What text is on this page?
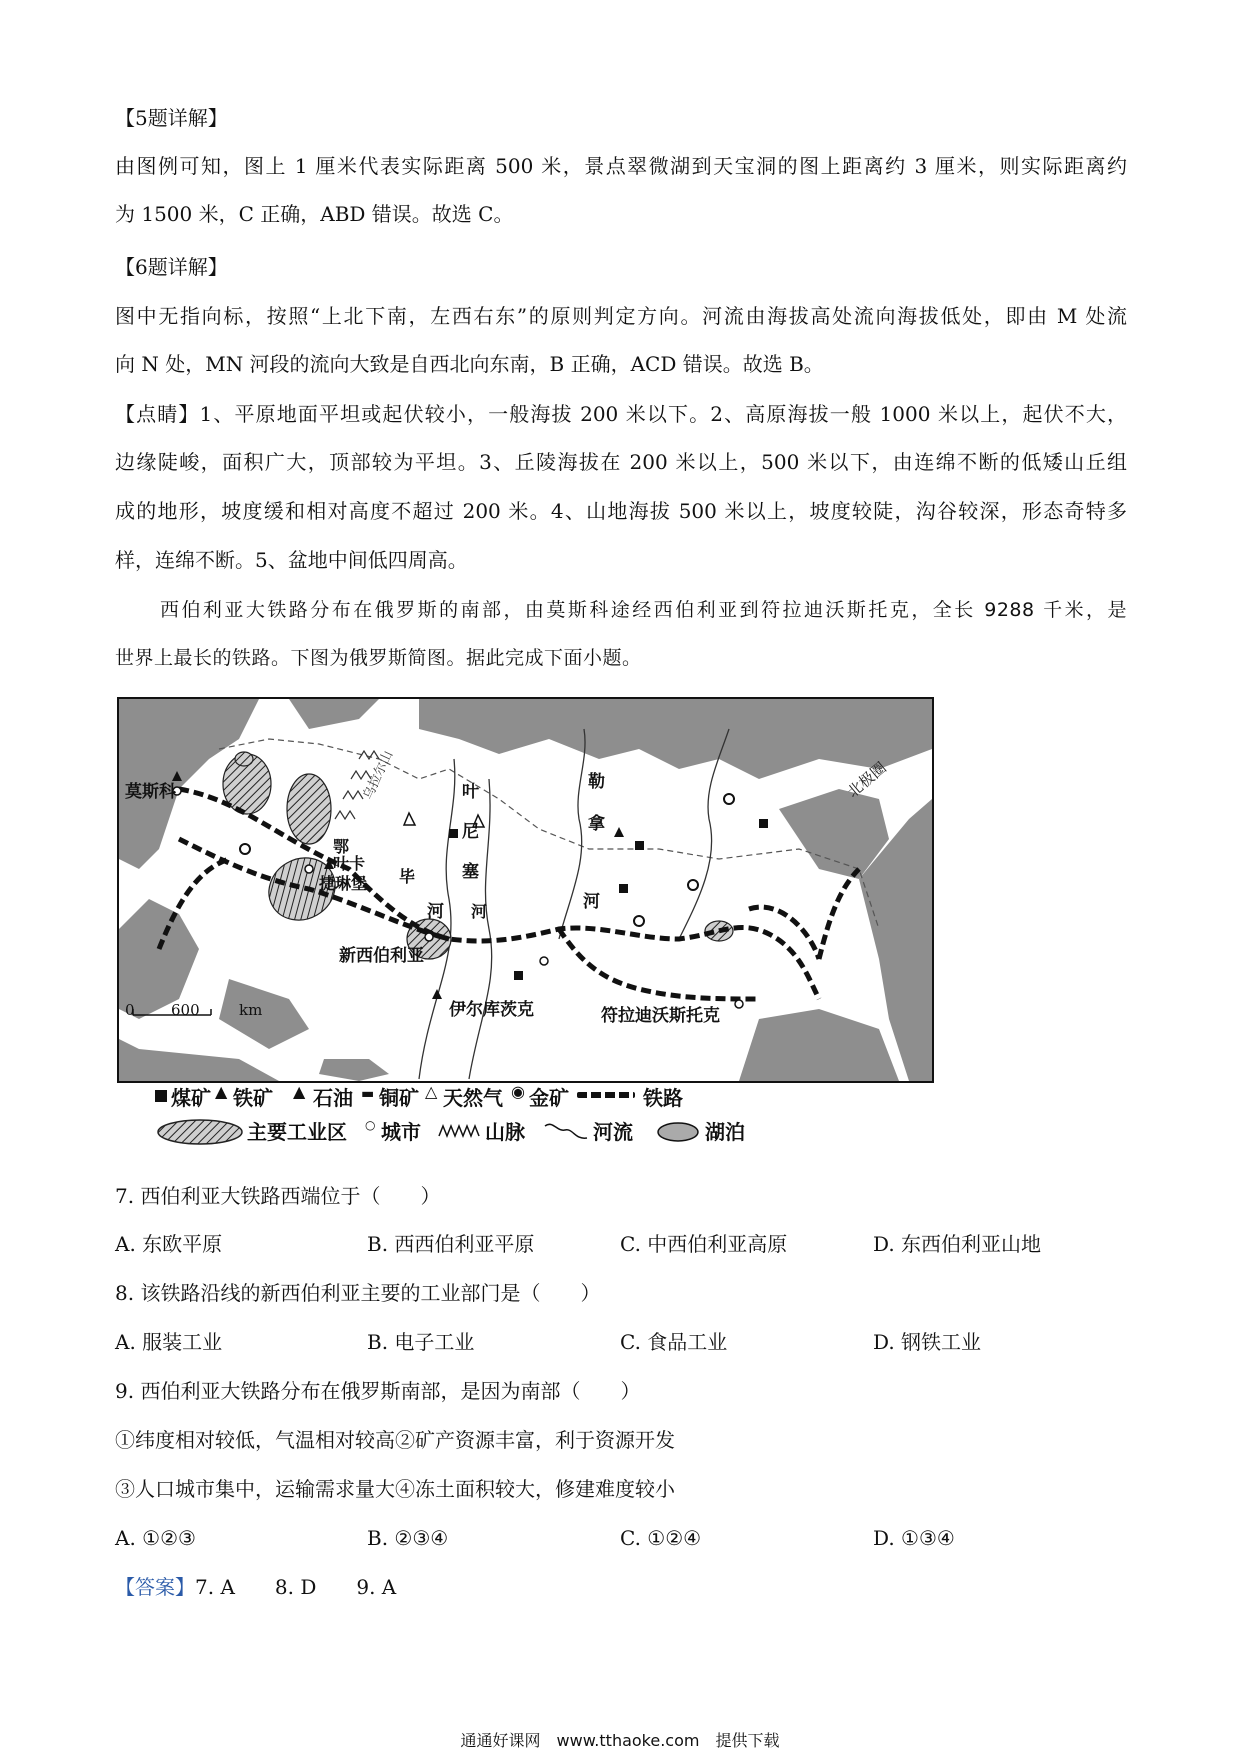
【5题详解】
由图例可知，图上 1 厘米代表实际距离 500 米，景点翠微湖到天宝洞的图上距离约 3 厘米，则实际距离约
为 1500 米，C 正确，ABD 错误。故选 C。
【6题详解】
图中无指向标，按照“上北下南，左西右东”的原则判定方向。河流由海拔高处流向海拔低处，即由 M 处流
向 N 处，MN 河段的流向大致是自西北向东南，B 正确，ACD 错误。故选 B。
【点睛】1、平原地面平坦或起伏较小，一般海拔 200 米以下。2、高原海拔一般 1000 米以上，起伏不大，
边缘陡峻，面积广大，顶部较为平坦。3、丘陵海拔在 200 米以上，500 米以下，由连绵不断的低矮山丘组
成的地形，坡度缓和相对高度不超过 200 米。4、山地海拔 500 米以上，坡度较陡，沟谷较深，形态奇特多
样，连绵不断。5、盆地中间低四周高。
西伯利亚大铁路分布在俄罗斯的南部，由莫斯科途经西伯利亚到符拉迪沃斯托克，全长 9288 千米，是
世界上最长的铁路。下图为俄罗斯简图。据此完成下面小题。
莫斯科	乌拉尔山	北极圈
叶
尼
塞
河
勒
拿
河
鄂
毕
河
叶卡
捷琳堡
新西伯利亚
伊尔库茨克	符拉迪沃斯托克
0 600	km
煤矿 ▲ 铁矿 ▲ 石油 ▬ 铜矿 △ 天然气 ◉ 金矿	铁路
主要工业区 ○ 城市	山脉	河流	湖泊
7. 西伯利亚大铁路西端位于（　　）
A. 东欧平原	B. 西西伯利亚平原	C. 中西伯利亚高原	D. 东西伯利亚山地
8. 该铁路沿线的新西伯利亚主要的工业部门是（　　）
A. 服装工业	B. 电子工业	C. 食品工业	D. 钢铁工业
9. 西伯利亚大铁路分布在俄罗斯南部，是因为南部（　　）
①纬度相对较低，气温相对较高②矿产资源丰富，利于资源开发
③人口城市集中，运输需求量大④冻土面积较大，修建难度较小
A. ①②③	B. ②③④	C. ①②④	D. ①③④
【答案】7. A　　8. D　　9. A
通通好课网　www.tthaoke.com　提供下载
